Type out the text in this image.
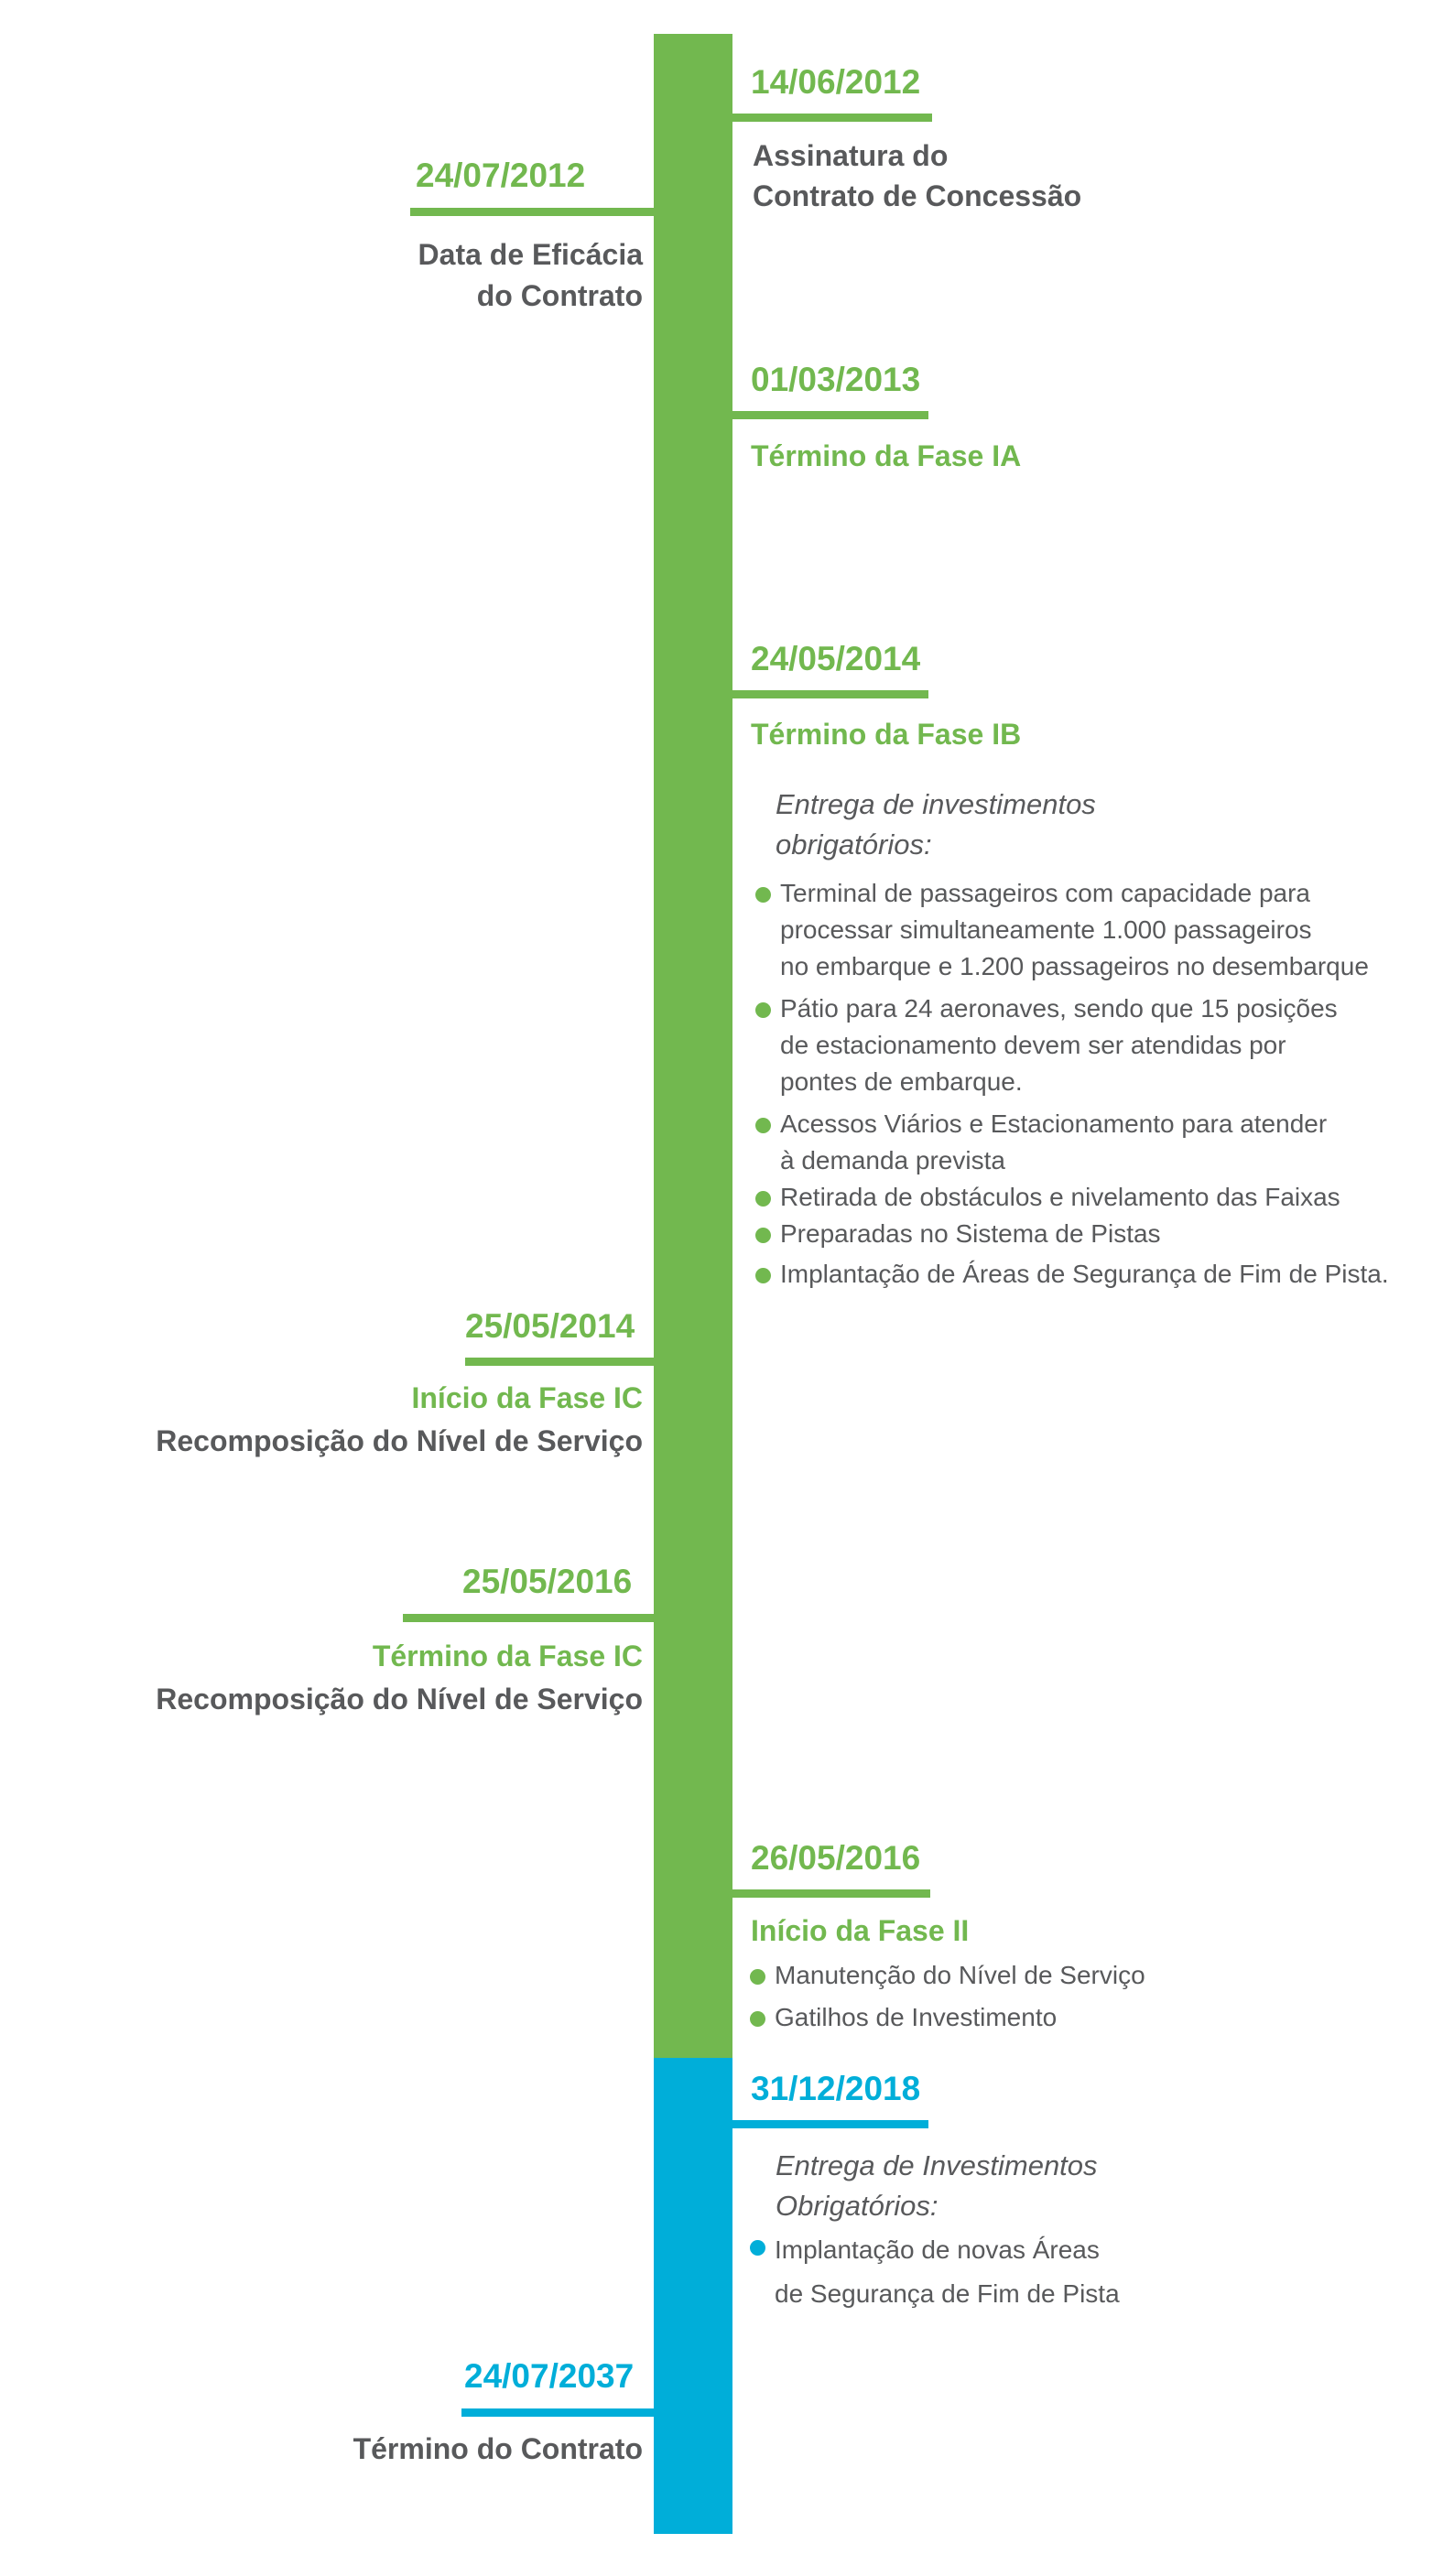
14/06/2012
Assinatura do
Contrato de Concessão
24/07/2012
Data de Eficácia
do Contrato
01/03/2013
Término da Fase IA
24/05/2014
Término da Fase IB
Entrega de investimentos
obrigatórios:
Terminal de passageiros com capacidade para
processar simultaneamente 1.000 passageiros
no embarque e 1.200 passageiros no desembarque
Pátio para 24 aeronaves, sendo que 15 posições
de estacionamento devem ser atendidas por
pontes de embarque.
Acessos Viários e Estacionamento para atender
à demanda prevista
Retirada de obstáculos e nivelamento das Faixas
Preparadas no Sistema de Pistas
Implantação de Áreas de Segurança de Fim de Pista.
25/05/2014
Início da Fase IC
Recomposição do Nível de Serviço
25/05/2016
Término da Fase IC
Recomposição do Nível de Serviço
26/05/2016
Início da Fase II
Manutenção do Nível de Serviço
Gatilhos de Investimento
31/12/2018
Entrega de Investimentos
Obrigatórios:
Implantação de novas Áreas
de Segurança de Fim de Pista
24/07/2037
Término do Contrato
